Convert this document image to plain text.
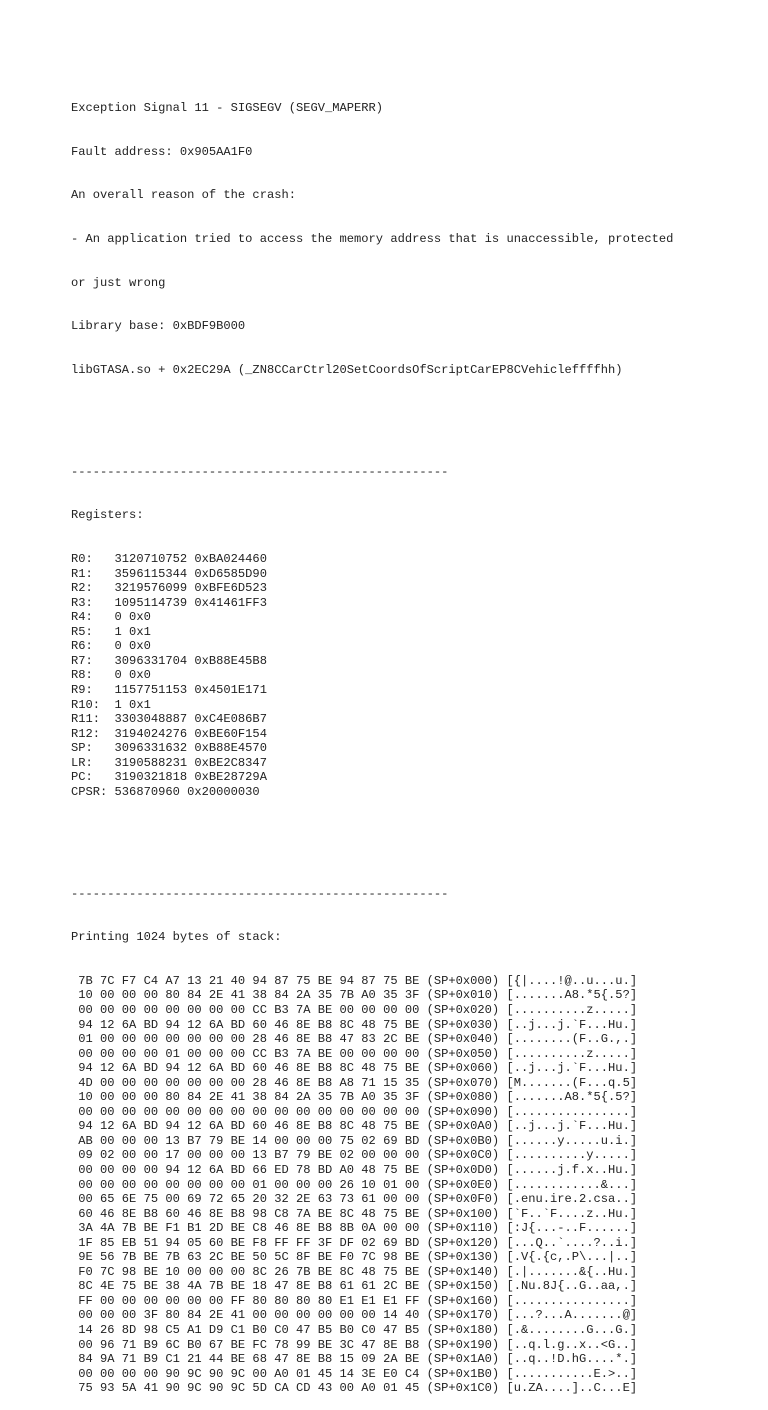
Exception Signal 11 - SIGSEGV (SEGV_MAPERR)

Fault address: 0x905AA1F0

An overall reason of the crash:

- An application tried to access the memory address that is unaccessible, protected

or just wrong

Library base: 0xBDF9B000

libGTASA.so + 0x2EC29A (_ZN8CCarCtrl20SetCoordsOfScriptCarEP8CVehicleffffhh)

----------------------------------------------------

Registers:

R0:   3120710752 0xBA024460
R1:   3596115344 0xD6585D90
R2:   3219576099 0xBFE6D523
R3:   1095114739 0x41461FF3
R4:   0 0x0
R5:   1 0x1
R6:   0 0x0
R7:   3096331704 0xB88E45B8
R8:   0 0x0
R9:   1157751153 0x4501E171
R10:  1 0x1
R11:  3303048887 0xC4E086B7
R12:  3194024276 0xBE60F154
SP:   3096331632 0xB88E4570
LR:   3190588231 0xBE2C8347
PC:   3190321818 0xBE28729A
CPSR: 536870960 0x20000030

----------------------------------------------------

Printing 1024 bytes of stack:

7B 7C F7 C4 A7 13 21 40 94 87 75 BE 94 87 75 BE (SP+0x000) [{|....!@..u...u.]
10 00 00 00 80 84 2E 41 38 84 2A 35 7B A0 35 3F (SP+0x010) [.......A8.*5{.5?]
00 00 00 00 00 00 00 00 CC B3 7A BE 00 00 00 00 (SP+0x020) [..........z.....]
94 12 6A BD 94 12 6A BD 60 46 8E B8 8C 48 75 BE (SP+0x030) [..j...j.`F...Hu.]
01 00 00 00 00 00 00 00 28 46 8E B8 47 83 2C BE (SP+0x040) [........(F..G.,.]
00 00 00 00 01 00 00 00 CC B3 7A BE 00 00 00 00 (SP+0x050) [..........z.....]
94 12 6A BD 94 12 6A BD 60 46 8E B8 8C 48 75 BE (SP+0x060) [..j...j.`F...Hu.]
4D 00 00 00 00 00 00 00 28 46 8E B8 A8 71 15 35 (SP+0x070) [M.......(F...q.5]
10 00 00 00 80 84 2E 41 38 84 2A 35 7B A0 35 3F (SP+0x080) [.......A8.*5{.5?]
00 00 00 00 00 00 00 00 00 00 00 00 00 00 00 00 (SP+0x090) [................]
94 12 6A BD 94 12 6A BD 60 46 8E B8 8C 48 75 BE (SP+0x0A0) [..j...j.`F...Hu.]
AB 00 00 00 13 B7 79 BE 14 00 00 00 75 02 69 BD (SP+0x0B0) [......y.....u.i.]
09 02 00 00 17 00 00 00 13 B7 79 BE 02 00 00 00 (SP+0x0C0) [..........y.....]
00 00 00 00 94 12 6A BD 66 ED 78 BD A0 48 75 BE (SP+0x0D0) [......j.f.x..Hu.]
00 00 00 00 00 00 00 00 01 00 00 00 26 10 01 00 (SP+0x0E0) [............&...]
00 65 6E 75 00 69 72 65 20 32 2E 63 73 61 00 00 (SP+0x0F0) [.enu.ire.2.csa..]
60 46 8E B8 60 46 8E B8 98 C8 7A BE 8C 48 75 BE (SP+0x100) [`F..`F....z..Hu.]
3A 4A 7B BE F1 B1 2D BE C8 46 8E B8 8B 0A 00 00 (SP+0x110) [:J{...-..F......]
1F 85 EB 51 94 05 60 BE F8 FF FF 3F DF 02 69 BD (SP+0x120) [...Q..`....?..i.]
9E 56 7B BE 7B 63 2C BE 50 5C 8F BE F0 7C 98 BE (SP+0x130) [.V{.{c,.P\...|..]
F0 7C 98 BE 10 00 00 00 8C 26 7B BE 8C 48 75 BE (SP+0x140) [.|.......&{..Hu.]
8C 4E 75 BE 38 4A 7B BE 18 47 8E B8 61 61 2C BE (SP+0x150) [.Nu.8J{..G..aa,.]
FF 00 00 00 00 00 00 FF 80 80 80 80 E1 E1 E1 FF (SP+0x160) [................]
00 00 00 3F 80 84 2E 41 00 00 00 00 00 00 14 40 (SP+0x170) [...?...A.......@]
14 26 8D 98 C5 A1 D9 C1 B0 C0 47 B5 B0 C0 47 B5 (SP+0x180) [.&........G...G.]
00 96 71 B9 6C B0 67 BE FC 78 99 BE 3C 47 8E B8 (SP+0x190) [..q.l.g..x..<G..]
84 9A 71 B9 C1 21 44 BE 68 47 8E B8 15 09 2A BE (SP+0x1A0) [..q..!D.hG....*.]
00 00 00 00 90 9C 90 9C 00 A0 01 45 14 3E E0 C4 (SP+0x1B0) [...........E.>..]
75 93 5A 41 90 9C 90 9C 5D CA CD 43 00 A0 01 45 (SP+0x1C0) [u.ZA....]..C...E]
